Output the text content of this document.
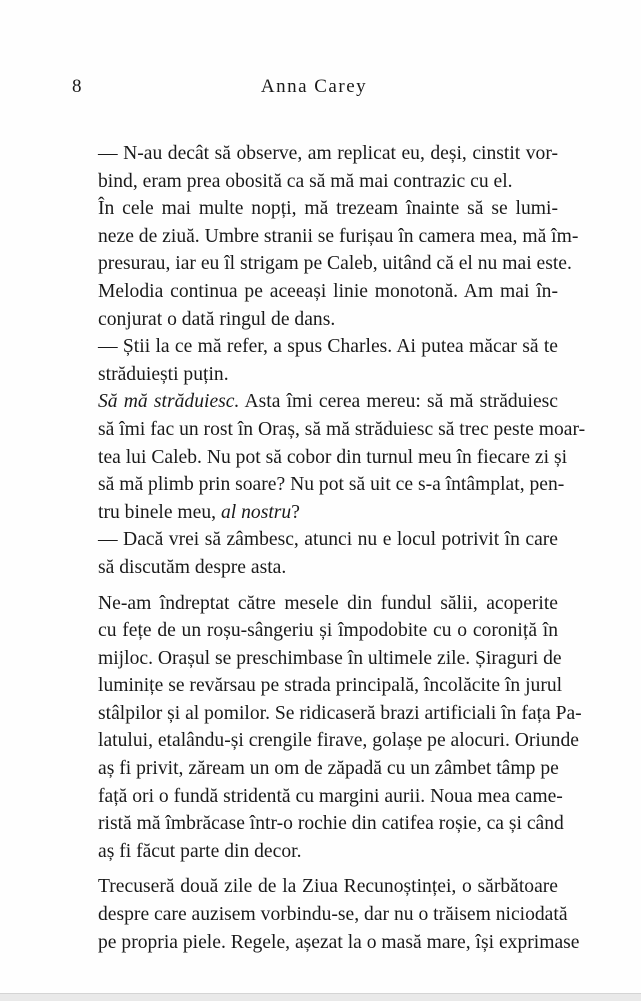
8	Anna Carey

— N-au decât să observe, am replicat eu, deși, cinstit vor-
bind, eram prea obosită ca să mă mai contrazic cu el.

În cele mai multe nopți, mă trezeam înainte să se lumi-
neze de ziuă. Umbre stranii se furișau în camera mea, mă îm-
presurau, iar eu îl strigam pe Caleb, uitând că el nu mai este.

Melodia continua pe aceeași linie monotonă. Am mai în-
conjurat o dată ringul de dans.

— Știi la ce mă refer, a spus Charles. Ai putea măcar să te
străduiești puțin.

Să mă străduiesc. Asta îmi cerea mereu: să mă străduiesc
să îmi fac un rost în Oraș, să mă străduiesc să trec peste moar-
tea lui Caleb. Nu pot să cobor din turnul meu în fiecare zi și
să mă plimb prin soare? Nu pot să uit ce s-a întâmplat, pen-
tru binele meu, al nostru?

— Dacă vrei să zâmbesc, atunci nu e locul potrivit în care
să discutăm despre asta.

Ne-am îndreptat către mesele din fundul sălii, acoperite
cu fețe de un roșu-sângeriu și împodobite cu o coroniță în
mijloc. Orașul se preschimbase în ultimele zile. Șiraguri de
luminițe se revărsau pe strada principală, încolăcite în jurul
stâlpilor și al pomilor. Se ridicaseră brazi artificiali în fața Pa-
latului, etalându-și crengile firave, golașe pe alocuri. Oriunde
aș fi privit, zăream un om de zăpadă cu un zâmbet tâmp pe
față ori o fundă stridentă cu margini aurii. Noua mea came-
ristă mă îmbrăcase într-o rochie din catifea roșie, ca și când
aș fi făcut parte din decor.

Trecuseră două zile de la Ziua Recunoștinței, o sărbătoare
despre care auzisem vorbindu-se, dar nu o trăisem niciodată
pe propria piele. Regele, așezat la o masă mare, își exprimase
